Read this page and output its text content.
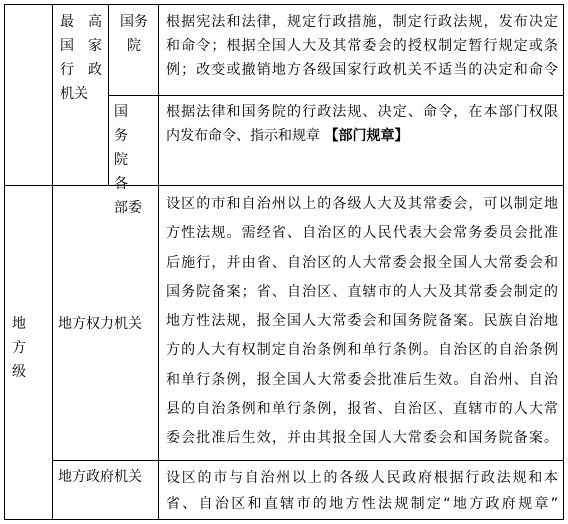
最　高
国　家
行　政
机关
国务
院
根据宪法和法律，规定行政措施，制定行政法规，发布决定
和命令；根据全国人大及其常委会的授权制定暂行规定或条
例；改变或撤销地方各级国家行政机关不适当的决定和命令
国　务
院　各
部委
根据法律和国务院的行政法规、决定、命令，在本部门权限
内发布命令、指示和规章 【部门规章】
地
方
级
地方权力机关
设区的市和自治州以上的各级人大及其常委会，可以制定地
方性法规。需经省、自治区的人民代表大会常务委员会批准
后施行，并由省、自治区的人大常委会报全国人大常委会和
国务院备案；省、自治区、直辖市的人大及其常委会制定的
地方性法规，报全国人大常委会和国务院备案。民族自治地
方的人大有权制定自治条例和单行条例。自治区的自治条例
和单行条例，报全国人大常委会批准后生效。自治州、自治
县的自治条例和单行条例，报省、自治区、直辖市的人大常
委会批准后生效，并由其报全国人大常委会和国务院备案。
地方政府机关	设区的市与自治州以上的各级人民政府根据行政法规和本
省、自治区和直辖市的地方性法规制定“地方政府规章”
